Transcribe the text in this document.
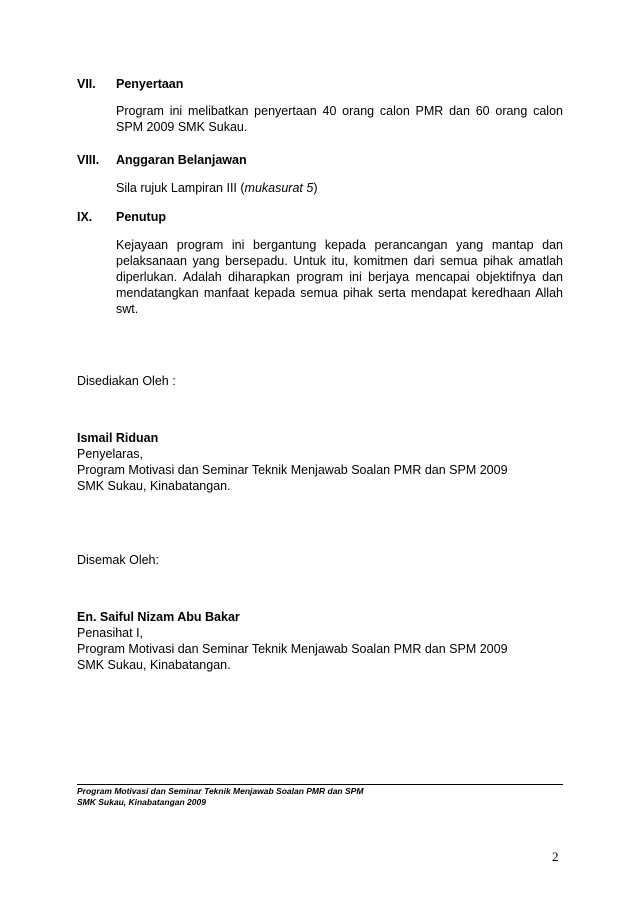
VII. Penyertaan
Program ini melibatkan penyertaan 40 orang calon PMR dan 60 orang calon
SPM 2009 SMK Sukau.
VIII. Anggaran Belanjawan
Sila rujuk Lampiran III (mukasurat 5)
IX. Penutup
Kejayaan program ini bergantung kepada perancangan yang mantap dan
pelaksanaan yang bersepadu. Untuk itu, komitmen dari semua pihak amatlah
diperlukan. Adalah diharapkan program ini berjaya mencapai objektifnya dan
mendatangkan manfaat kepada semua pihak serta mendapat keredhaan Allah
swt.
Disediakan Oleh :
Ismail Riduan
Penyelaras,
Program Motivasi dan Seminar Teknik Menjawab Soalan PMR dan SPM 2009
SMK Sukau, Kinabatangan.
Disemak Oleh:
En. Saiful Nizam Abu Bakar
Penasihat I,
Program Motivasi dan Seminar Teknik Menjawab Soalan PMR dan SPM 2009
SMK Sukau, Kinabatangan.
Program Motivasi dan Seminar Teknik Menjawab Soalan PMR dan SPM
SMK Sukau, Kinabatangan 2009
2
